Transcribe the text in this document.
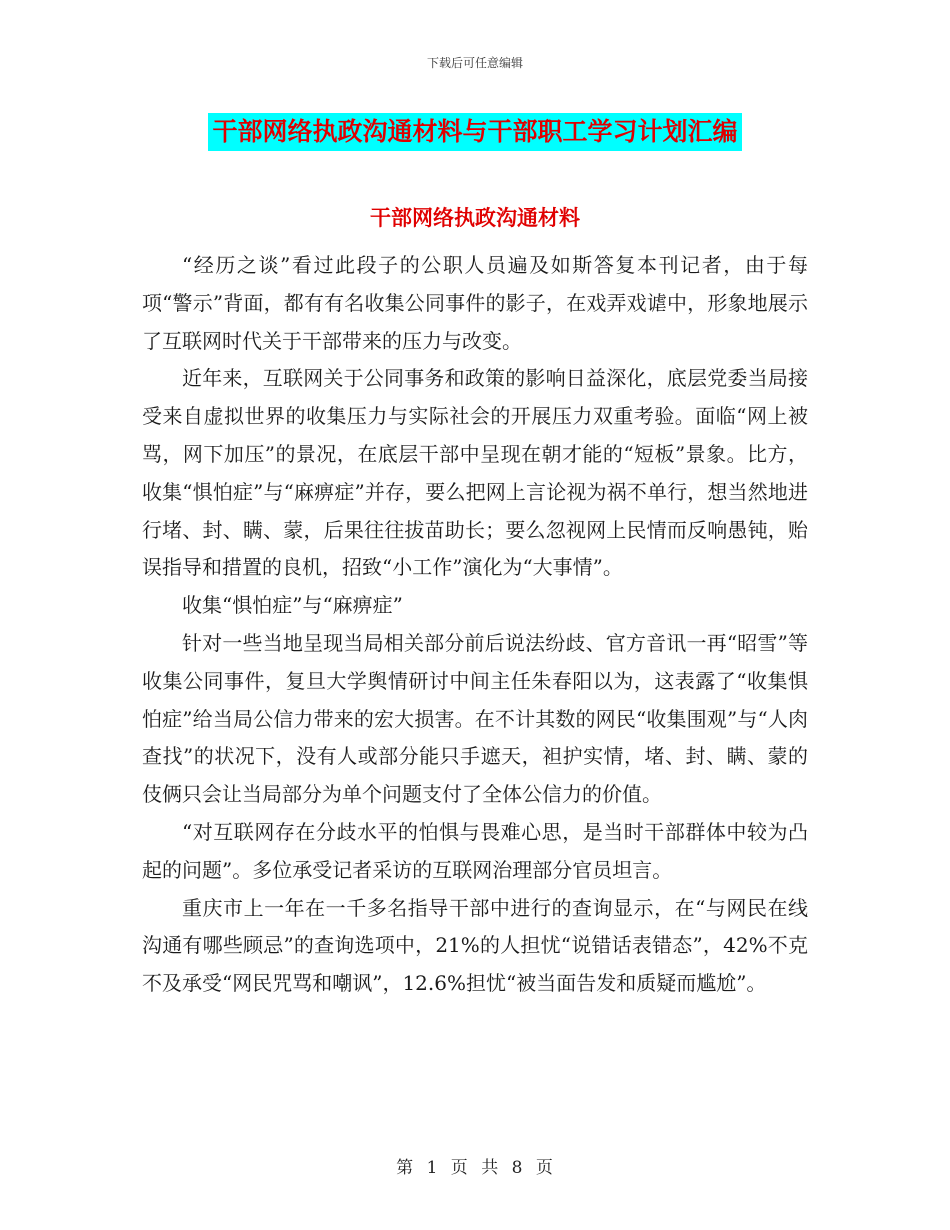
下载后可任意编辑
干部网络执政沟通材料与干部职工学习计划汇编
干部网络执政沟通材料

“经历之谈”看过此段子的公职人员遍及如斯答复本刊记者，由于每项“警示”背面，都有有名收集公同事件的影子，在戏弄戏谑中，形象地展示了互联网时代关于干部带来的压力与改变。

近年来，互联网关于公同事务和政策的影响日益深化，底层党委当局接受来自虚拟世界的收集压力与实际社会的开展压力双重考验。面临“网上被骂，网下加压”的景况，在底层干部中呈现在朝才能的“短板”景象。比方，收集“惧怕症”与“麻痹症”并存，要么把网上言论视为祸不单行，想当然地进行堵、封、瞒、蒙，后果往往拔苗助长；要么忽视网上民情而反响愚钝，贻误指导和措置的良机，招致“小工作”演化为“大事情”。

收集“惧怕症”与“麻痹症”

针对一些当地呈现当局相关部分前后说法纷歧、官方音讯一再“昭雪”等收集公同事件，复旦大学舆情研讨中间主任朱春阳以为，这表露了“收集惧怕症”给当局公信力带来的宏大损害。在不计其数的网民“收集围观”与“人肉查找”的状况下，没有人或部分能只手遮天，袒护实情，堵、封、瞒、蒙的伎俩只会让当局部分为单个问题支付了全体公信力的价值。

“对互联网存在分歧水平的怕惧与畏难心思，是当时干部群体中较为凸起的问题”。多位承受记者采访的互联网治理部分官员坦言。

重庆市上一年在一千多名指导干部中进行的查询显示，在“与网民在线沟通有哪些顾忌”的查询选项中，21%的人担忧“说错话表错态”，42%不克不及承受“网民咒骂和嘲讽”，12.6%担忧“被当面告发和质疑而尴尬”。

第 1 页 共 8 页
